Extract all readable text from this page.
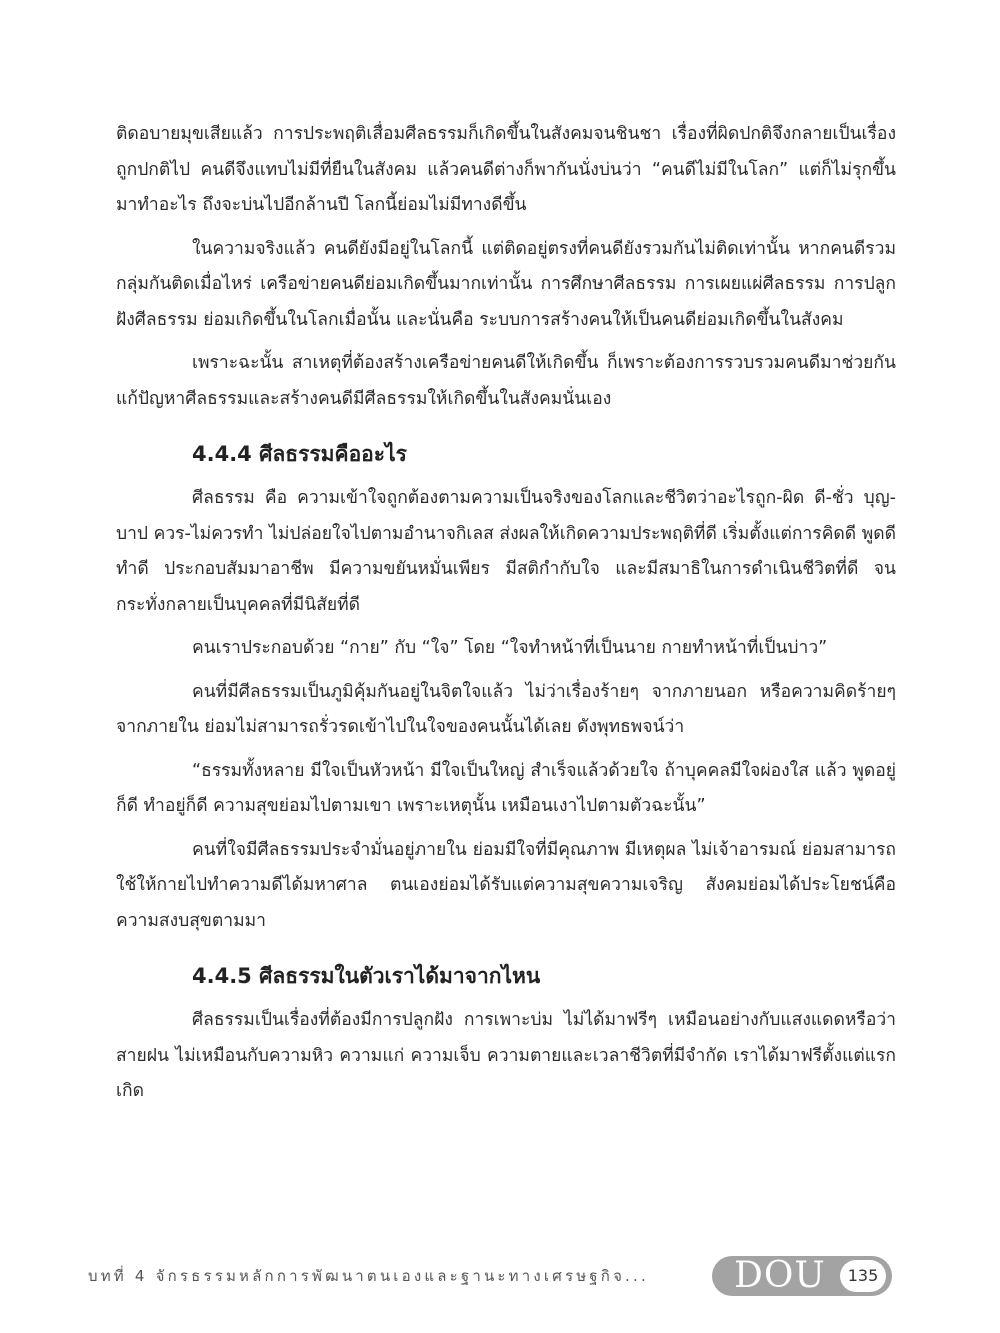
ติดอบายมุขเสียแล้ว การประพฤติเสื่อมศีลธรรมก็เกิดขึ้นในสังคมจนชินชา เรื่องที่ผิดปกติจึงกลายเป็นเรื่องถูกปกติไป คนดีจึงแทบไม่มีที่ยืนในสังคม แล้วคนดีต่างก็พากันนั่งบ่นว่า “คนดีไม่มีในโลก” แต่ก็ไม่รุกขึ้นมาทำอะไร ถึงจะบ่นไปอีกล้านปี โลกนี้ย่อมไม่มีทางดีขึ้น

ในความจริงแล้ว คนดียังมีอยู่ในโลกนี้ แต่ติดอยู่ตรงที่คนดียังรวมกันไม่ติดเท่านั้น หากคนดีรวมกลุ่มกันติดเมื่อไหร่ เครือข่ายคนดีย่อมเกิดขึ้นมากเท่านั้น การศึกษาศีลธรรม การเผยแผ่ศีลธรรม การปลูกฝังศีลธรรม ย่อมเกิดขึ้นในโลกเมื่อนั้น และนั่นคือ ระบบการสร้างคนให้เป็นคนดีย่อมเกิดขึ้นในสังคม

เพราะฉะนั้น สาเหตุที่ต้องสร้างเครือข่ายคนดีให้เกิดขึ้น ก็เพราะต้องการรวบรวมคนดีมาช่วยกันแก้ปัญหาศีลธรรมและสร้างคนดีมีศีลธรรมให้เกิดขึ้นในสังคมนั่นเอง

4.4.4 ศีลธรรมคืออะไร

ศีลธรรม คือ ความเข้าใจถูกต้องตามความเป็นจริงของโลกและชีวิตว่าอะไรถูก-ผิด ดี-ชั่ว บุญ-บาป ควร-ไม่ควรทำ ไม่ปล่อยใจไปตามอำนาจกิเลส ส่งผลให้เกิดความประพฤติที่ดี เริ่มตั้งแต่การคิดดี พูดดี ทำดี ประกอบสัมมาอาชีพ มีความขยันหมั่นเพียร มีสติกำกับใจ และมีสมาธิในการดำเนินชีวิตที่ดี จนกระทั่งกลายเป็นบุคคลที่มีนิสัยที่ดี

คนเราประกอบด้วย “กาย” กับ “ใจ” โดย “ใจทำหน้าที่เป็นนาย กายทำหน้าที่เป็นบ่าว”

คนที่มีศีลธรรมเป็นภูมิคุ้มกันอยู่ในจิตใจแล้ว ไม่ว่าเรื่องร้ายๆ จากภายนอก หรือความคิดร้ายๆ จากภายใน ย่อมไม่สามารถรั่วรดเข้าไปในใจของคนนั้นได้เลย ดังพุทธพจน์ว่า

“ธรรมทั้งหลาย มีใจเป็นหัวหน้า มีใจเป็นใหญ่ สำเร็จแล้วด้วยใจ ถ้าบุคคลมีใจผ่องใส แล้ว พูดอยู่ก็ดี ทำอยู่ก็ดี ความสุขย่อมไปตามเขา เพราะเหตุนั้น เหมือนเงาไปตามตัวฉะนั้น”

คนที่ใจมีศีลธรรมประจำมั่นอยู่ภายใน ย่อมมีใจที่มีคุณภาพ มีเหตุผล ไม่เจ้าอารมณ์ ย่อมสามารถใช้ให้กายไปทำความดีได้มหาศาล ตนเองย่อมได้รับแต่ความสุขความเจริญ สังคมย่อมได้ประโยชน์คือความสงบสุขตามมา

4.4.5 ศีลธรรมในตัวเราได้มาจากไหน

ศีลธรรมเป็นเรื่องที่ต้องมีการปลูกฝัง การเพาะบ่ม ไม่ได้มาฟรีๆ เหมือนอย่างกับแสงแดดหรือว่าสายฝน ไม่เหมือนกับความหิว ความแก่ ความเจ็บ ความตายและเวลาชีวิตที่มีจำกัด เราได้มาฟรีตั้งแต่แรกเกิด

บทที่ 4 จักรธรรมหลักการพัฒนาตนเองและฐานะทางเศรษฐกิจ... DOU	135
